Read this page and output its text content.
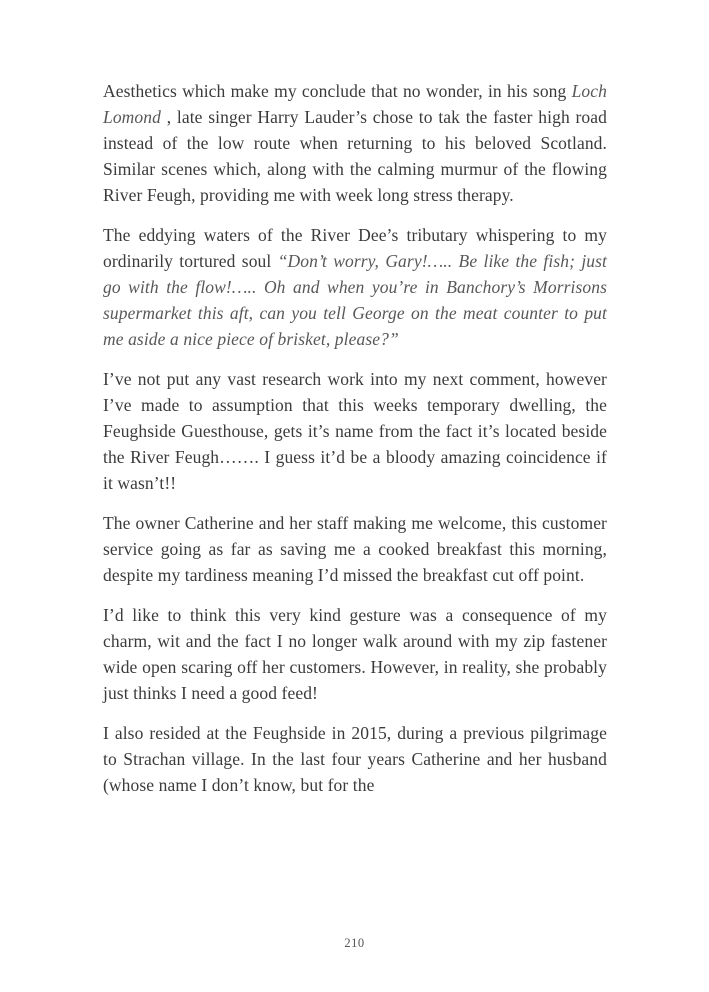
Aesthetics which make my conclude that no wonder, in his song Loch Lomond , late singer Harry Lauder’s chose to tak the faster high road instead of the low route when returning to his beloved Scotland. Similar scenes which, along with the calming murmur of the flowing River Feugh, providing me with week long stress therapy.

The eddying waters of the River Dee’s tributary whispering to my ordinarily tortured soul “Don’t worry, Gary!….. Be like the fish; just go with the flow!….. Oh and when you’re in Banchory’s Morrisons supermarket this aft, can you tell George on the meat counter to put me aside a nice piece of brisket, please?”

I’ve not put any vast research work into my next comment, however I’ve made to assumption that this weeks temporary dwelling, the Feughside Guesthouse, gets it’s name from the fact it’s located beside the River Feugh……. I guess it’d be a bloody amazing coincidence if it wasn’t!!

The owner Catherine and her staff making me welcome, this customer service going as far as saving me a cooked breakfast this morning, despite my tardiness meaning I’d missed the breakfast cut off point.

I’d like to think this very kind gesture was a consequence of my charm, wit and the fact I no longer walk around with my zip fastener wide open scaring off her customers. However, in reality, she probably just thinks I need a good feed!

I also resided at the Feughside in 2015, during a previous pilgrimage to Strachan village. In the last four years Catherine and her husband (whose name I don’t know, but for the

210
